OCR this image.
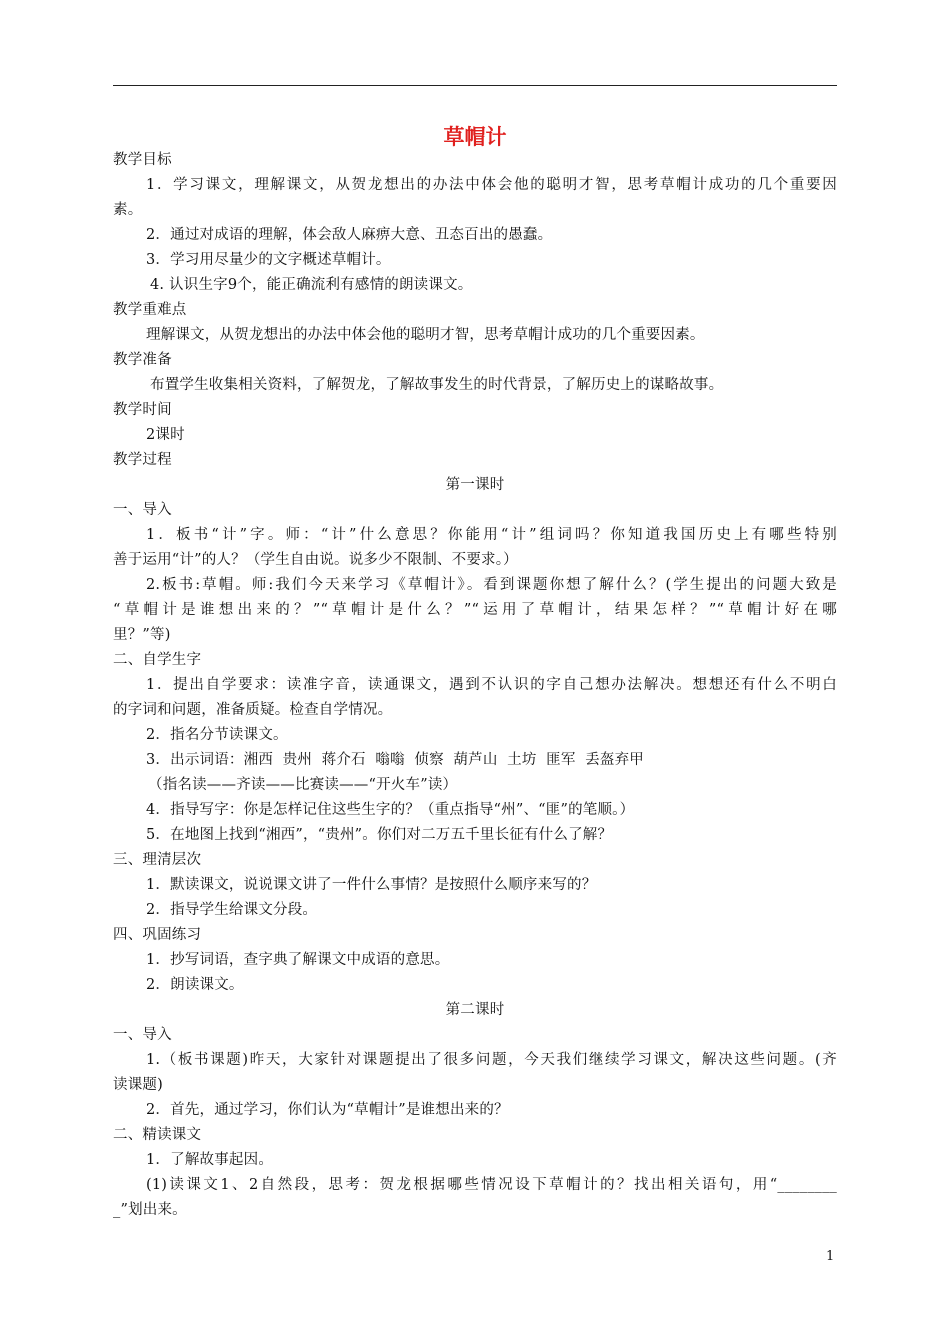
草帽计
教学目标
1．学习课文，理解课文，从贺龙想出的办法中体会他的聪明才智，思考草帽计成功的几个重要因
素。
2．通过对成语的理解，体会敌人麻痹大意、丑态百出的愚蠢。
3．学习用尽量少的文字概述草帽计。
4. 认识生字9个，能正确流利有感情的朗读课文。
教学重难点
理解课文，从贺龙想出的办法中体会他的聪明才智，思考草帽计成功的几个重要因素。
教学准备
布置学生收集相关资料，了解贺龙，了解故事发生的时代背景，了解历史上的谋略故事。
教学时间
2课时
教学过程
第一课时
一、导入
1．板书“计”字。师：“计”什么意思？你能用“计”组词吗？你知道我国历史上有哪些特别
善于运用“计”的人？（学生自由说。说多少不限制、不要求。）
2.板书:草帽。师:我们今天来学习《草帽计》。看到课题你想了解什么？(学生提出的问题大致是
“草帽计是谁想出来的？”“草帽计是什么？”“运用了草帽计，结果怎样？”“草帽计好在哪
里？”等)
二、自学生字
1．提出自学要求：读准字音，读通课文，遇到不认识的字自己想办法解决。想想还有什么不明白
的字词和问题，准备质疑。检查自学情况。
2．指名分节读课文。
3．出示词语：湘西  贵州  蒋介石  嗡嗡  侦察  葫芦山  土坊  匪军  丢盔弃甲
（指名读——齐读——比赛读——“开火车”读）
4．指导写字：你是怎样记住这些生字的？（重点指导“州”、“匪”的笔顺。）
5．在地图上找到“湘西”，“贵州”。你们对二万五千里长征有什么了解？
三、理清层次
1．默读课文，说说课文讲了一件什么事情？是按照什么顺序来写的？
2．指导学生给课文分段。
四、巩固练习
1．抄写词语，查字典了解课文中成语的意思。
2．朗读课文。
第二课时
一、导入
1.（板书课题)昨天，大家针对课题提出了很多问题，今天我们继续学习课文，解决这些问题。(齐
读课题)
2．首先，通过学习，你们认为“草帽计”是谁想出来的？
二、精读课文
1．了解故事起因。
(1)读课文1、2自然段，思考：贺龙根据哪些情况设下草帽计的？找出相关语句，用“________
_”划出来。
1
